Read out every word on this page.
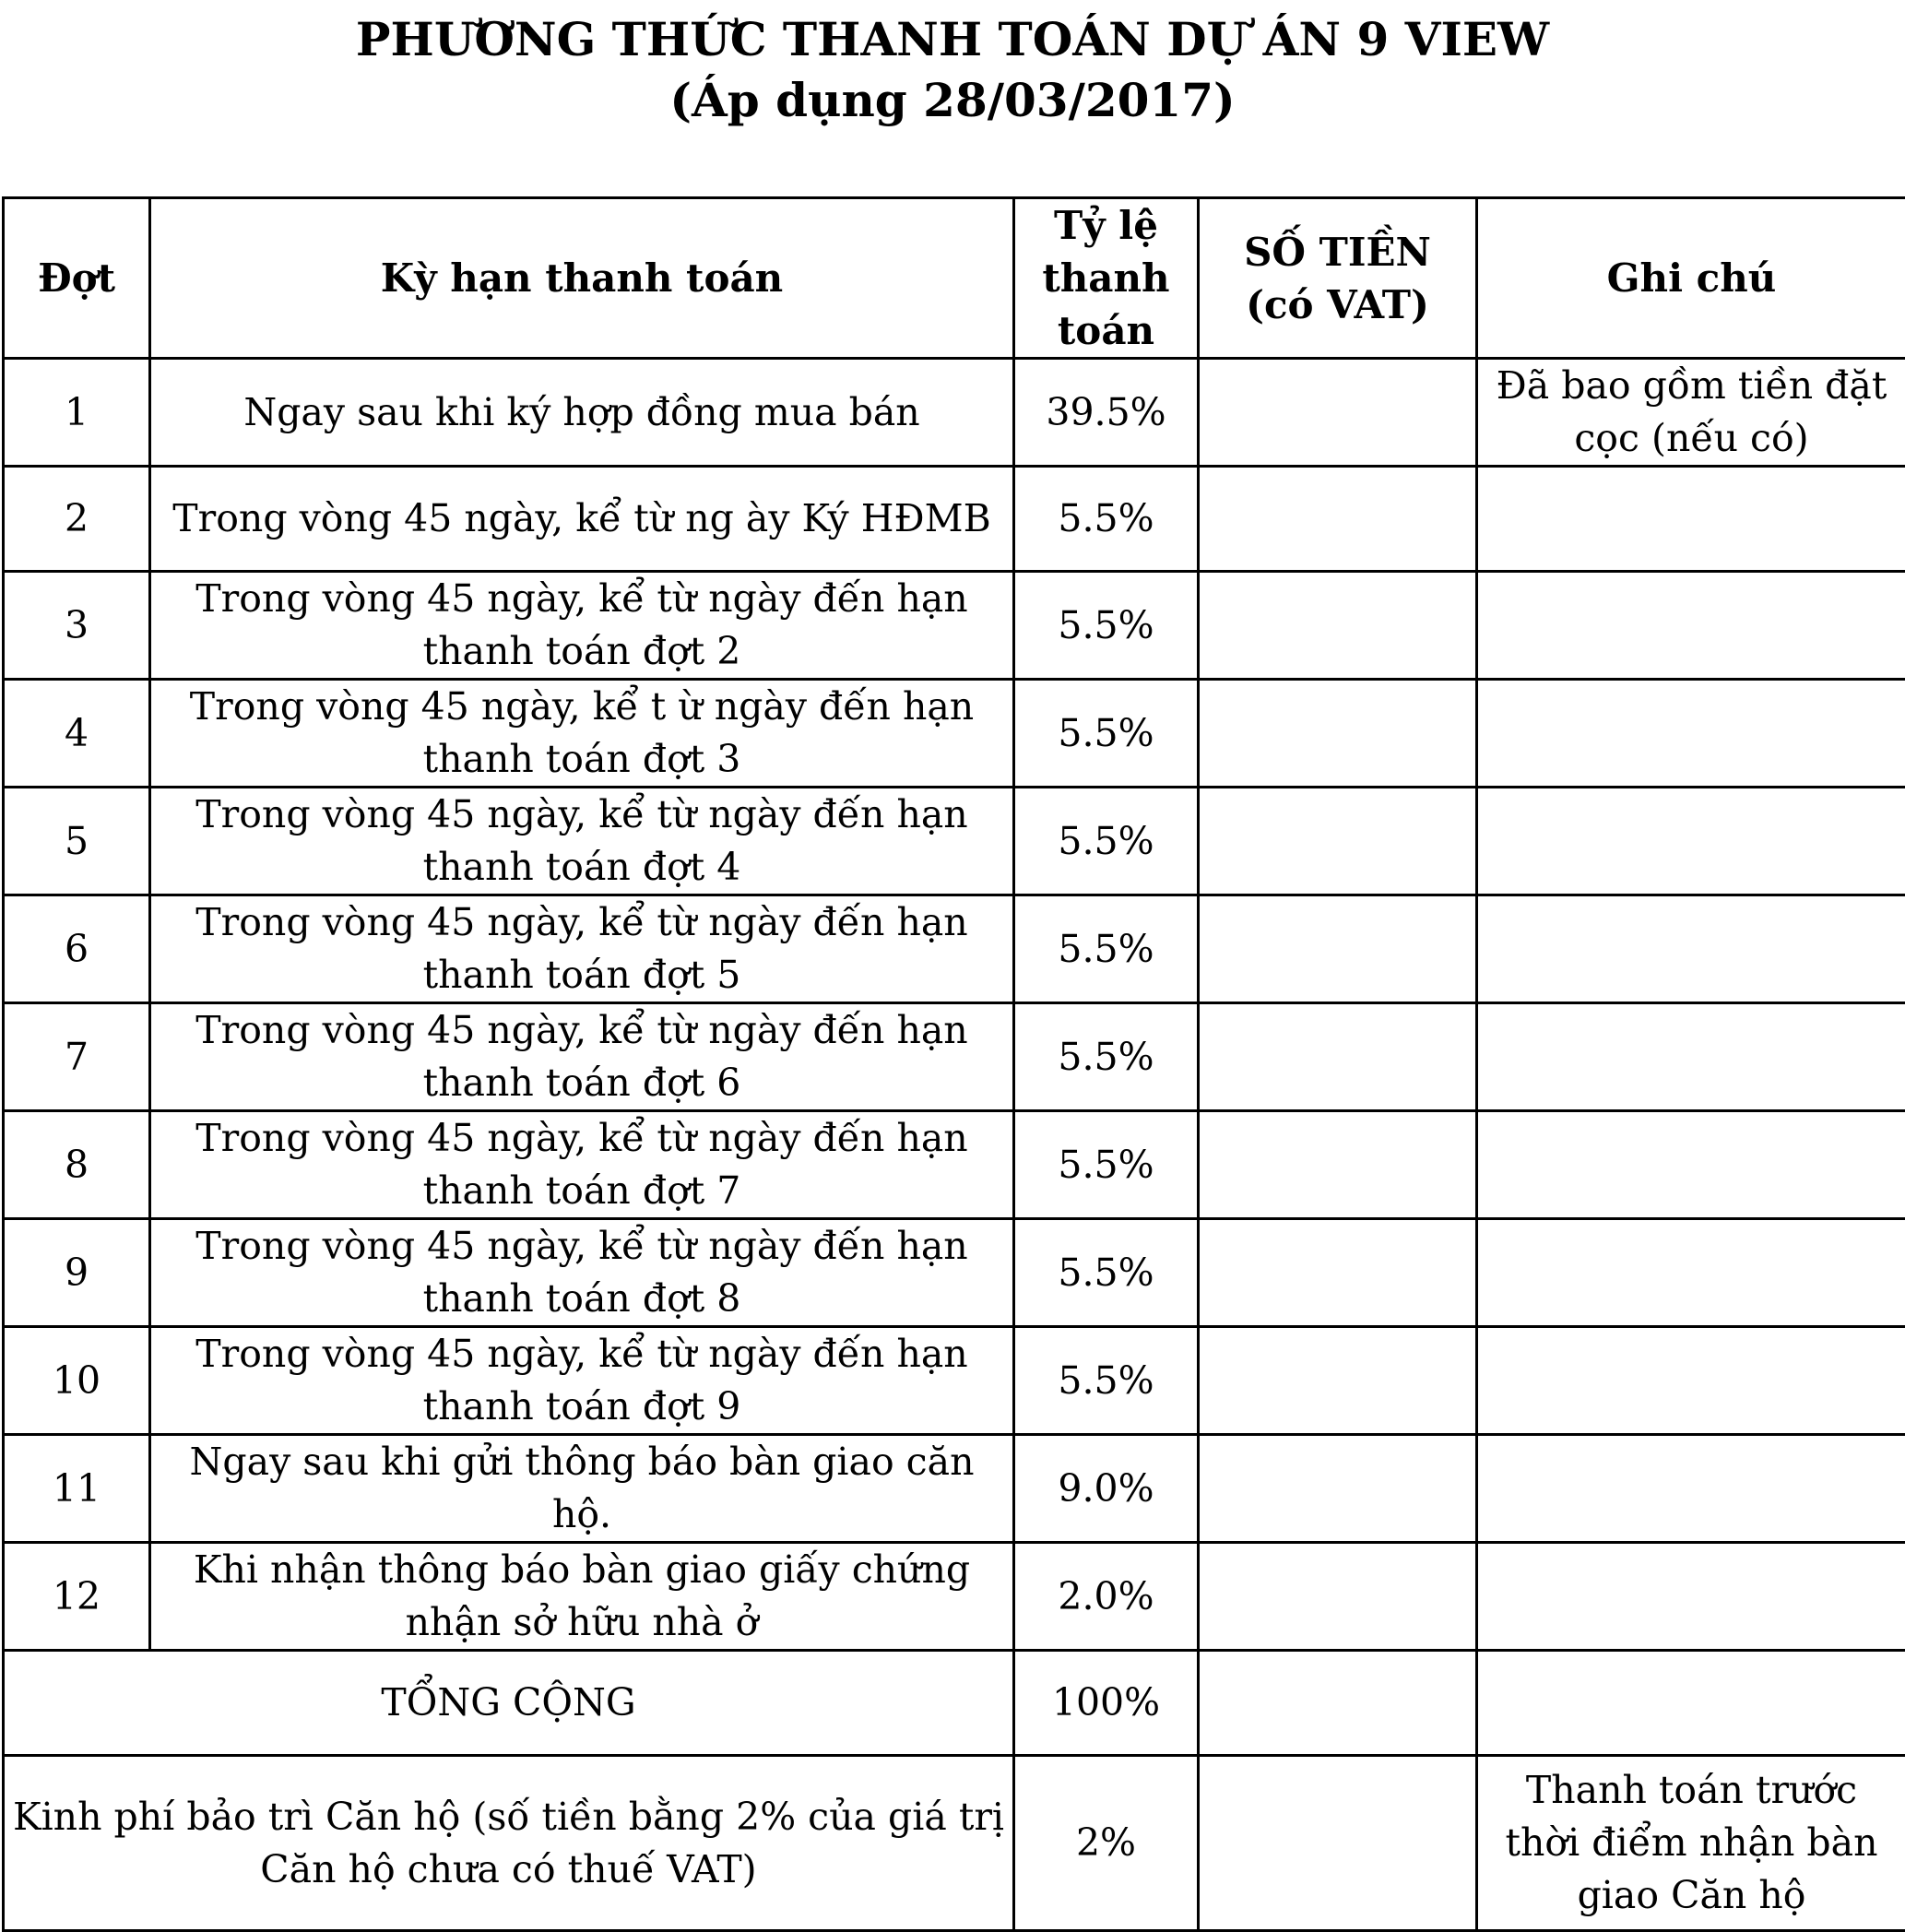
PHƯƠNG THỨC THANH TOÁN DỰ ÁN 9 VIEW
(Áp dụng 28/03/2017)
Đợt	Kỳ hạn thanh toán	Tỷ lệ thanh toán	SỐ TIỀN (có VAT)	Ghi chú
1	Ngay sau khi ký hợp đồng mua bán	39.5%		Đã bao gồm tiền đặt cọc (nếu có)
2	Trong vòng 45 ngày, kể từ ng ày Ký HĐMB	5.5%		
3	Trong vòng 45 ngày, kể từ ngày đến hạn thanh toán đợt 2	5.5%		
4	Trong vòng 45 ngày, kể t ừ ngày đến hạn thanh toán đợt 3	5.5%		
5	Trong vòng 45 ngày, kể từ ngày đến hạn thanh toán đợt 4	5.5%		
6	Trong vòng 45 ngày, kể từ ngày đến hạn thanh toán đợt 5	5.5%		
7	Trong vòng 45 ngày, kể từ ngày đến hạn thanh toán đợt 6	5.5%		
8	Trong vòng 45 ngày, kể từ ngày đến hạn thanh toán đợt 7	5.5%		
9	Trong vòng 45 ngày, kể từ ngày đến hạn thanh toán đợt 8	5.5%		
10	Trong vòng 45 ngày, kể từ ngày đến hạn thanh toán đợt 9	5.5%		
11	Ngay sau khi gửi thông báo bàn giao căn hộ.	9.0%		
12	Khi nhận thông báo bàn giao giấy chứng nhận sở hữu nhà ở	2.0%		
TỔNG CỘNG		100%		
Kinh phí bảo trì Căn hộ (số tiền bằng 2% của giá trị Căn hộ chưa có thuế VAT)		2%		Thanh toán trước thời điểm nhận bàn giao Căn hộ
